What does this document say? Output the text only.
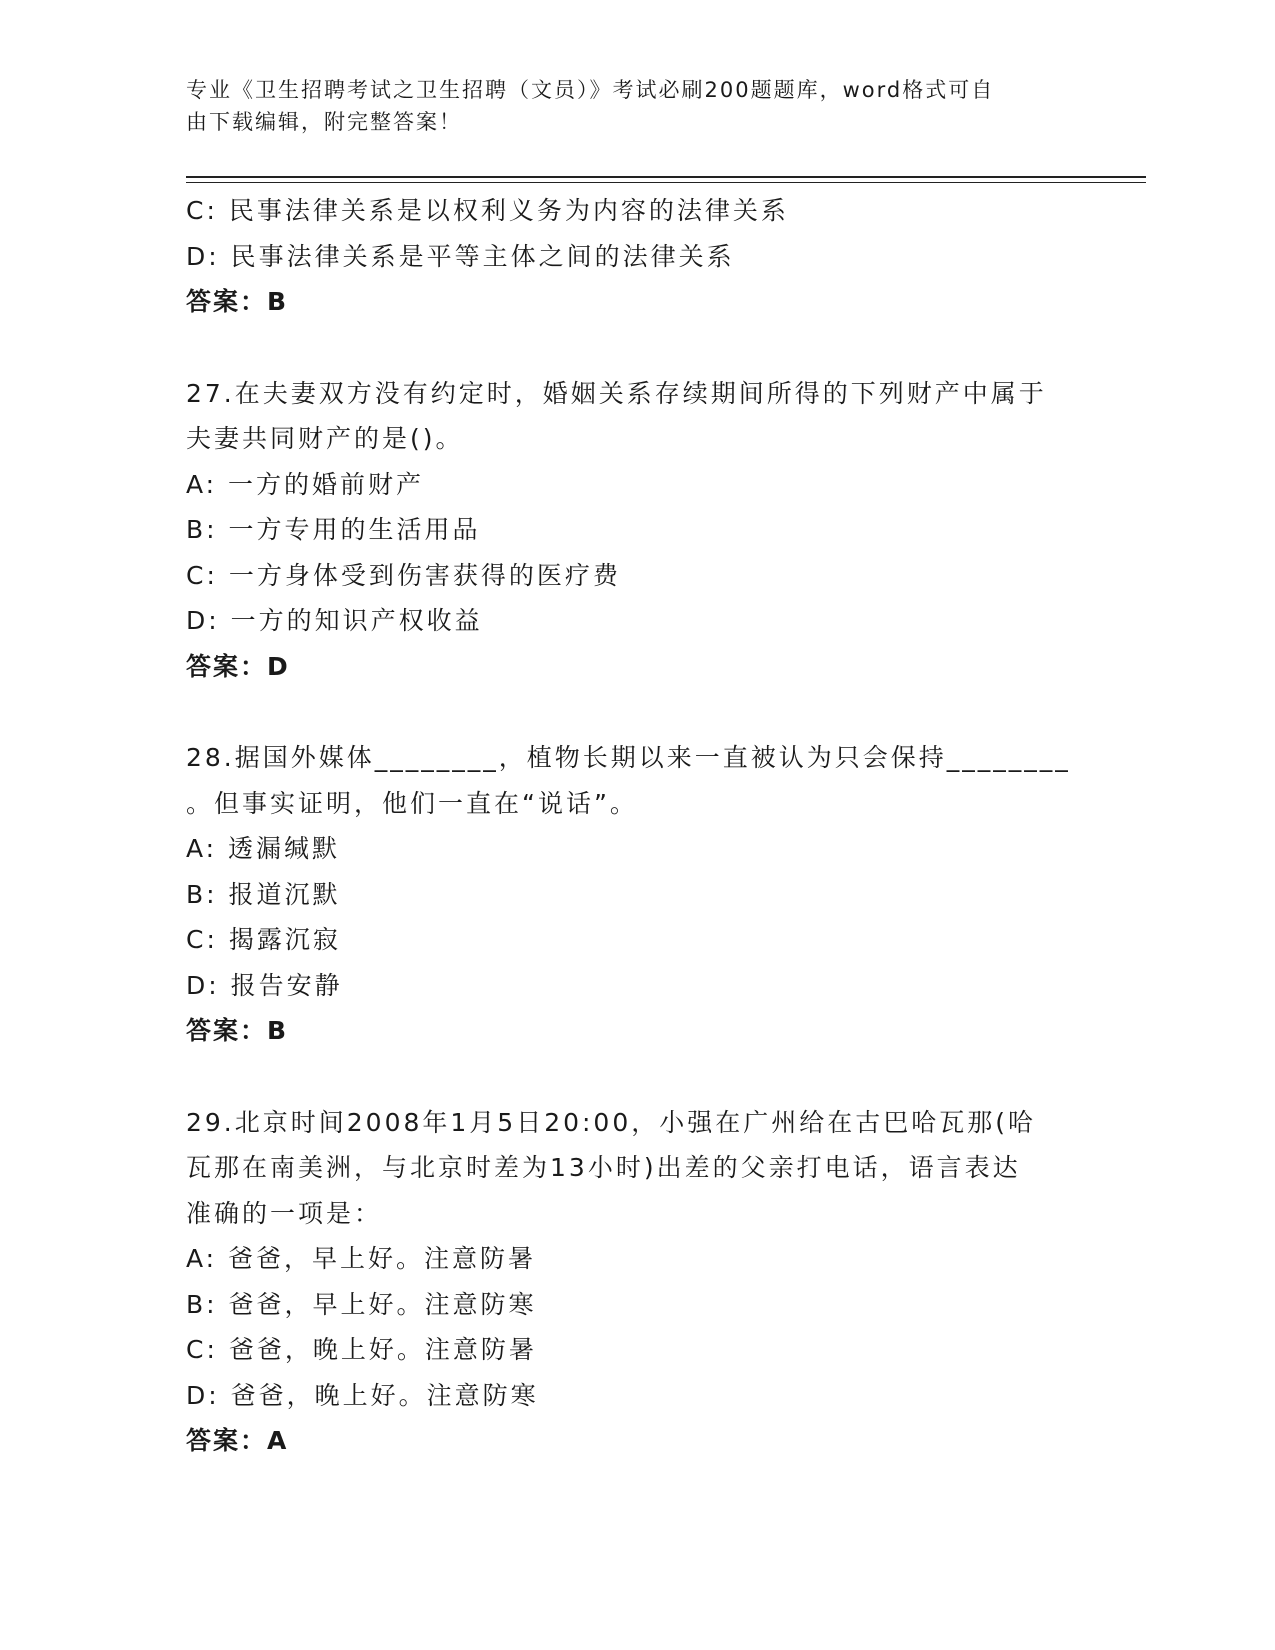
专业《卫生招聘考试之卫生招聘（文员）》考试必刷200题题库，word格式可自
由下载编辑，附完整答案！
C: 民事法律关系是以权利义务为内容的法律关系
D: 民事法律关系是平等主体之间的法律关系
答案：B
27.在夫妻双方没有约定时，婚姻关系存续期间所得的下列财产中属于
夫妻共同财产的是()。
A: 一方的婚前财产
B: 一方专用的生活用品
C: 一方身体受到伤害获得的医疗费
D: 一方的知识产权收益
答案：D
28.据国外媒体________，植物长期以来一直被认为只会保持________
。但事实证明，他们一直在“说话”。
A: 透漏缄默
B: 报道沉默
C: 揭露沉寂
D: 报告安静
答案：B
29.北京时间2008年1月5日20:00，小强在广州给在古巴哈瓦那(哈
瓦那在南美洲，与北京时差为13小时)出差的父亲打电话，语言表达
准确的一项是：
A: 爸爸，早上好。注意防暑
B: 爸爸，早上好。注意防寒
C: 爸爸，晚上好。注意防暑
D: 爸爸，晚上好。注意防寒
答案：A
